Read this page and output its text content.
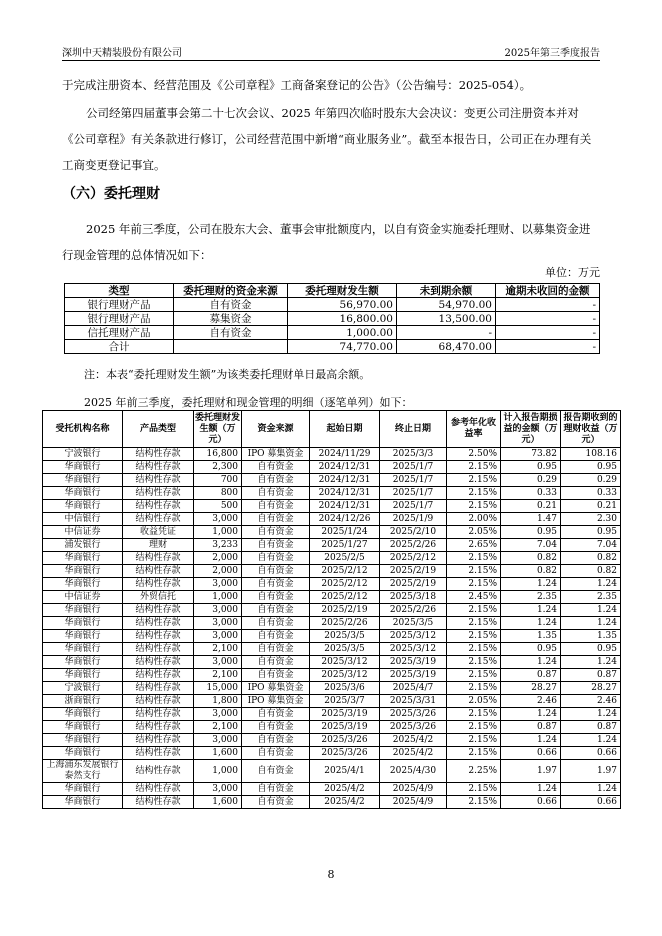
深圳中天精装股份有限公司	2025年第三季度报告

于完成注册资本、经营范围及《公司章程》工商备案登记的公告》（公告编号：2025-054）。

公司经第四届董事会第二十七次会议、2025 年第四次临时股东大会决议：变更公司注册资本并对《公司章程》有关条款进行修订，公司经营范围中新增“商业服务业”。截至本报告日，公司正在办理有关工商变更登记事宜。

（六）委托理财

2025 年前三季度，公司在股东大会、董事会审批额度内，以自有资金实施委托理财、以募集资金进行现金管理的总体情况如下：

单位：万元
类型	委托理财的资金来源	委托理财发生额	未到期余额	逾期未收回的金额
银行理财产品	自有资金	56,970.00	54,970.00	-
银行理财产品	募集资金	16,800.00	13,500.00	-
信托理财产品	自有资金	1,000.00	-	-
合计		74,770.00	68,470.00	-

注：本表“委托理财发生额”为该类委托理财单日最高余额。

2025 年前三季度，委托理财和现金管理的明细（逐笔单列）如下：

受托机构名称	产品类型	委托理财发生额（万元）	资金来源	起始日期	终止日期	参考年化收益率	计入报告期损益的金额（万元）	报告期收到的理财收益（万元）
宁波银行	结构性存款	16,800	IPO 募集资金	2024/11/29	2025/3/3	2.50%	73.82	108.16
华商银行	结构性存款	2,300	自有资金	2024/12/31	2025/1/7	2.15%	0.95	0.95
华商银行	结构性存款	700	自有资金	2024/12/31	2025/1/7	2.15%	0.29	0.29
华商银行	结构性存款	800	自有资金	2024/12/31	2025/1/7	2.15%	0.33	0.33
华商银行	结构性存款	500	自有资金	2024/12/31	2025/1/7	2.15%	0.21	0.21
中信银行	结构性存款	3,000	自有资金	2024/12/26	2025/1/9	2.00%	1.47	2.30
中信证券	收益凭证	1,000	自有资金	2025/1/24	2025/2/10	2.05%	0.95	0.95
浦发银行	理财	3,233	自有资金	2025/1/27	2025/2/26	2.65%	7.04	7.04
华商银行	结构性存款	2,000	自有资金	2025/2/5	2025/2/12	2.15%	0.82	0.82
华商银行	结构性存款	2,000	自有资金	2025/2/12	2025/2/19	2.15%	0.82	0.82
华商银行	结构性存款	3,000	自有资金	2025/2/12	2025/2/19	2.15%	1.24	1.24
中信证券	外贸信托	1,000	自有资金	2025/2/12	2025/3/18	2.45%	2.35	2.35
华商银行	结构性存款	3,000	自有资金	2025/2/19	2025/2/26	2.15%	1.24	1.24
华商银行	结构性存款	3,000	自有资金	2025/2/26	2025/3/5	2.15%	1.24	1.24
华商银行	结构性存款	3,000	自有资金	2025/3/5	2025/3/12	2.15%	1.35	1.35
华商银行	结构性存款	2,100	自有资金	2025/3/5	2025/3/12	2.15%	0.95	0.95
华商银行	结构性存款	3,000	自有资金	2025/3/12	2025/3/19	2.15%	1.24	1.24
华商银行	结构性存款	2,100	自有资金	2025/3/12	2025/3/19	2.15%	0.87	0.87
宁波银行	结构性存款	15,000	IPO 募集资金	2025/3/6	2025/4/7	2.15%	28.27	28.27
浙商银行	结构性存款	1,800	IPO 募集资金	2025/3/7	2025/3/31	2.05%	2.46	2.46
华商银行	结构性存款	3,000	自有资金	2025/3/19	2025/3/26	2.15%	1.24	1.24
华商银行	结构性存款	2,100	自有资金	2025/3/19	2025/3/26	2.15%	0.87	0.87
华商银行	结构性存款	3,000	自有资金	2025/3/26	2025/4/2	2.15%	1.24	1.24
华商银行	结构性存款	1,600	自有资金	2025/3/26	2025/4/2	2.15%	0.66	0.66
上海浦东发展银行泰然支行	结构性存款	1,000	自有资金	2025/4/1	2025/4/30	2.25%	1.97	1.97
华商银行	结构性存款	3,000	自有资金	2025/4/2	2025/4/9	2.15%	1.24	1.24
华商银行	结构性存款	1,600	自有资金	2025/4/2	2025/4/9	2.15%	0.66	0.66
8
